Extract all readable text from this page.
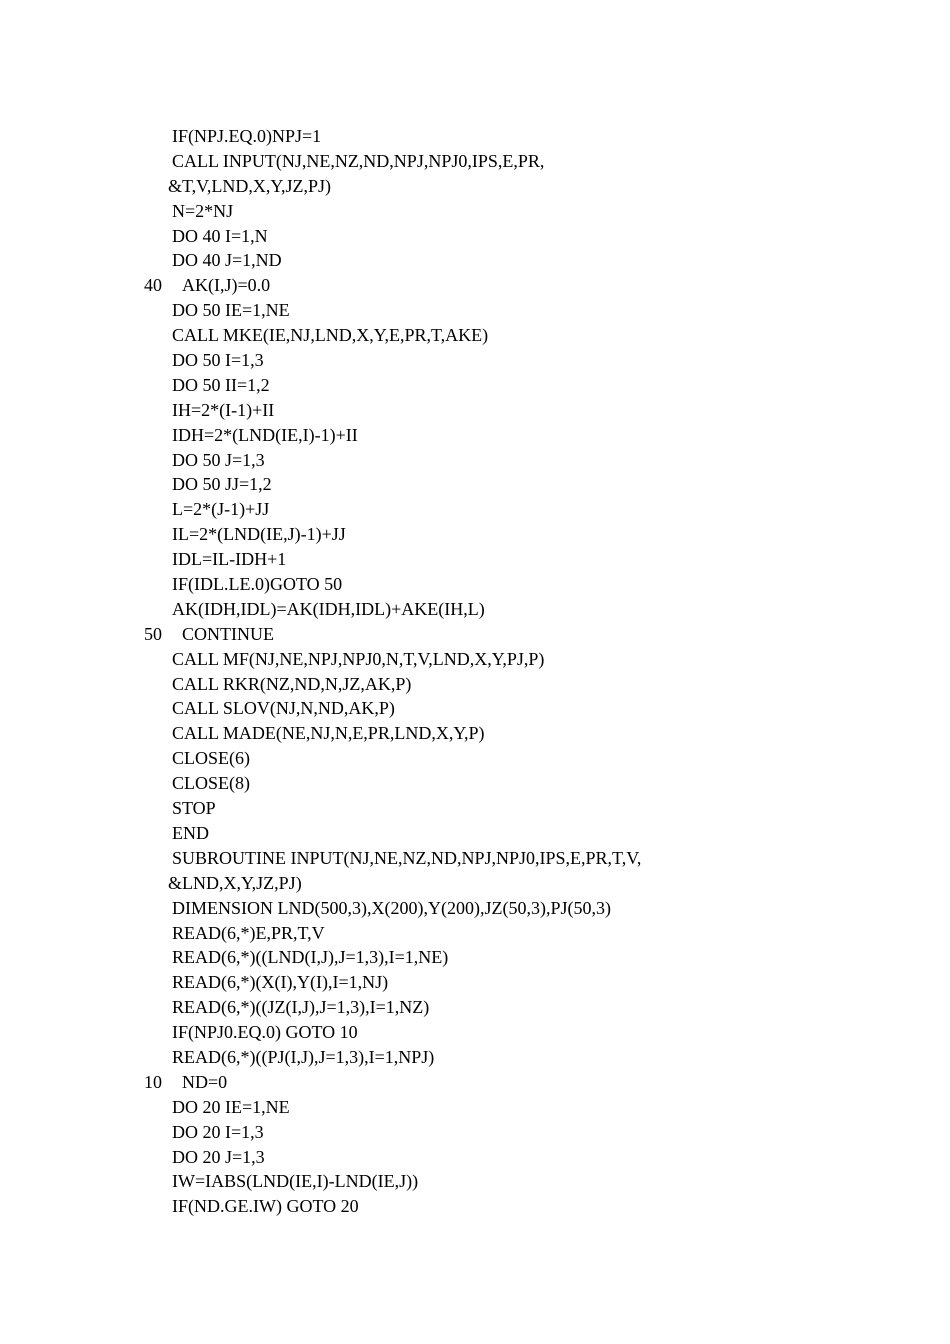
IF(NPJ.EQ.0)NPJ=1
CALL INPUT(NJ,NE,NZ,ND,NPJ,NPJ0,IPS,E,PR,
&T,V,LND,X,Y,JZ,PJ)
N=2*NJ
DO 40 I=1,N
DO 40 J=1,ND
40 AK(I,J)=0.0
DO 50 IE=1,NE
CALL MKE(IE,NJ,LND,X,Y,E,PR,T,AKE)
DO 50 I=1,3
DO 50 II=1,2
IH=2*(I-1)+II
IDH=2*(LND(IE,I)-1)+II
DO 50 J=1,3
DO 50 JJ=1,2
L=2*(J-1)+JJ
IL=2*(LND(IE,J)-1)+JJ
IDL=IL-IDH+1
IF(IDL.LE.0)GOTO 50
AK(IDH,IDL)=AK(IDH,IDL)+AKE(IH,L)
50 CONTINUE
CALL MF(NJ,NE,NPJ,NPJ0,N,T,V,LND,X,Y,PJ,P)
CALL RKR(NZ,ND,N,JZ,AK,P)
CALL SLOV(NJ,N,ND,AK,P)
CALL MADE(NE,NJ,N,E,PR,LND,X,Y,P)
CLOSE(6)
CLOSE(8)
STOP
END
SUBROUTINE INPUT(NJ,NE,NZ,ND,NPJ,NPJ0,IPS,E,PR,T,V,
&LND,X,Y,JZ,PJ)
DIMENSION LND(500,3),X(200),Y(200),JZ(50,3),PJ(50,3)
READ(6,*)E,PR,T,V
READ(6,*)((LND(I,J),J=1,3),I=1,NE)
READ(6,*)(X(I),Y(I),I=1,NJ)
READ(6,*)((JZ(I,J),J=1,3),I=1,NZ)
IF(NPJ0.EQ.0) GOTO 10
READ(6,*)((PJ(I,J),J=1,3),I=1,NPJ)
10 ND=0
DO 20 IE=1,NE
DO 20 I=1,3
DO 20 J=1,3
IW=IABS(LND(IE,I)-LND(IE,J))
IF(ND.GE.IW) GOTO 20
